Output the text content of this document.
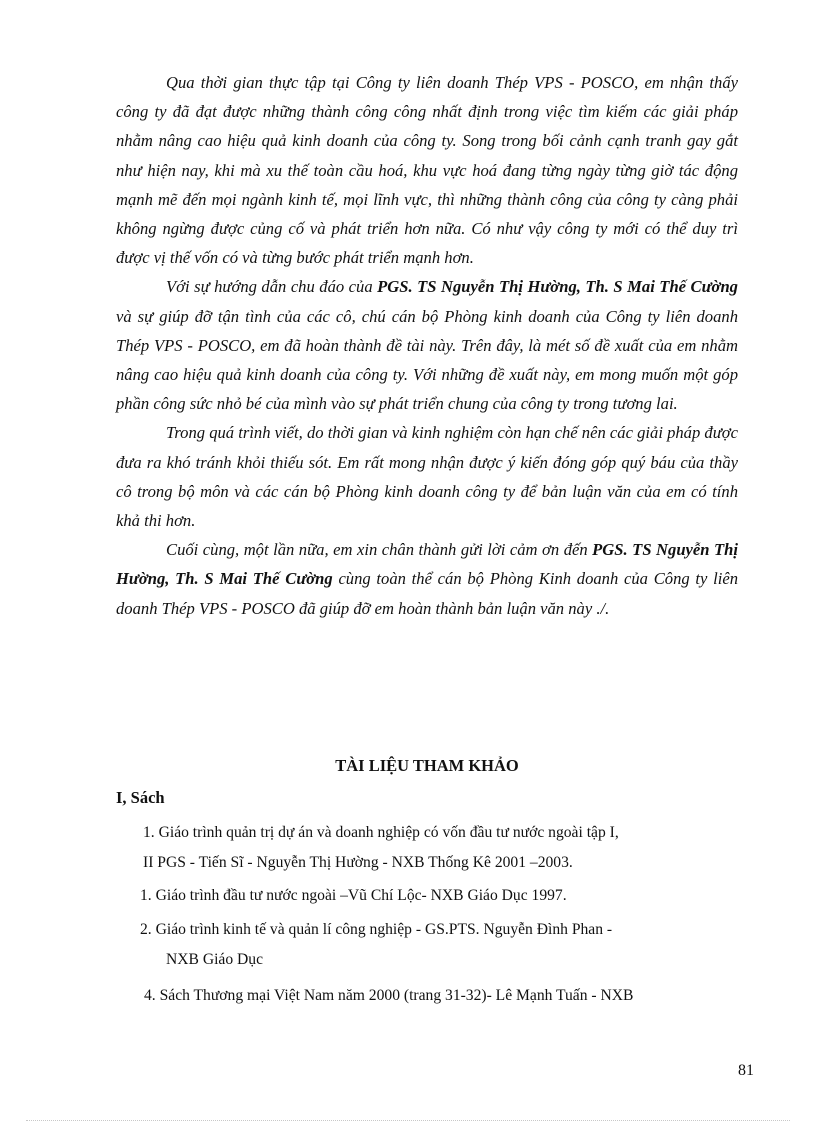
Qua thời gian thực tập tại Công ty liên doanh Thép VPS - POSCO, em nhận thấy công ty đã đạt được những thành công công nhất định trong việc tìm kiếm các giải pháp nhằm nâng cao hiệu quả kinh doanh của công ty. Song trong bối cảnh cạnh tranh gay gắt như hiện nay, khi mà xu thế toàn cầu hoá, khu vực hoá đang từng ngày từng giờ tác động mạnh mẽ đến mọi ngành kinh tế, mọi lĩnh vực, thì những thành công của công ty càng phải không ngừng được củng cố và phát triển hơn nữa. Có như vậy công ty mới có thể duy trì được vị thế vốn có và từng bước phát triển mạnh hơn.

Với sự hướng dẫn chu đáo của PGS. TS Nguyễn Thị Hường, Th. S Mai Thế Cường và sự giúp đỡ tận tình của các cô, chú cán bộ Phòng kinh doanh của Công ty liên doanh Thép VPS - POSCO, em đã hoàn thành đề tài này. Trên đây, là mét số đề xuất của em nhằm nâng cao hiệu quả kinh doanh của công ty. Với những đề xuất này, em mong muốn một góp phần công sức nhỏ bé của mình vào sự phát triển chung của công ty trong tương lai.

Trong quá trình viết, do thời gian và kinh nghiệm còn hạn chế nên các giải pháp được đưa ra khó tránh khỏi thiếu sót. Em rất mong nhận được ý kiến đóng góp quý báu của thầy cô trong bộ môn và các cán bộ Phòng kinh doanh công ty để bản luận văn của em có tính khả thi hơn.

Cuối cùng, một lần nữa, em xin chân thành gửi lời cảm ơn đến PGS. TS Nguyễn Thị Hường, Th. S Mai Thế Cường cùng toàn thể cán bộ Phòng Kinh doanh của Công ty liên doanh Thép VPS - POSCO đã giúp đỡ em hoàn thành bản luận văn này ./.

TÀI LIỆU THAM KHẢO
I, Sách
1. Giáo trình quản trị dự án và doanh nghiệp có vốn đầu tư nước ngoài tập I,
II PGS - Tiến Sĩ - Nguyễn Thị Hường - NXB Thống Kê 2001 –2003.
1. Giáo trình đầu tư nước ngoài –Vũ Chí Lộc- NXB Giáo Dục 1997.
2. Giáo trình kinh tế và quản lí công nghiệp - GS.PTS. Nguyễn Đình Phan -
NXB Giáo Dục
4. Sách Thương mại Việt Nam năm 2000 (trang 31-32)- Lê Mạnh Tuấn - NXB
81
